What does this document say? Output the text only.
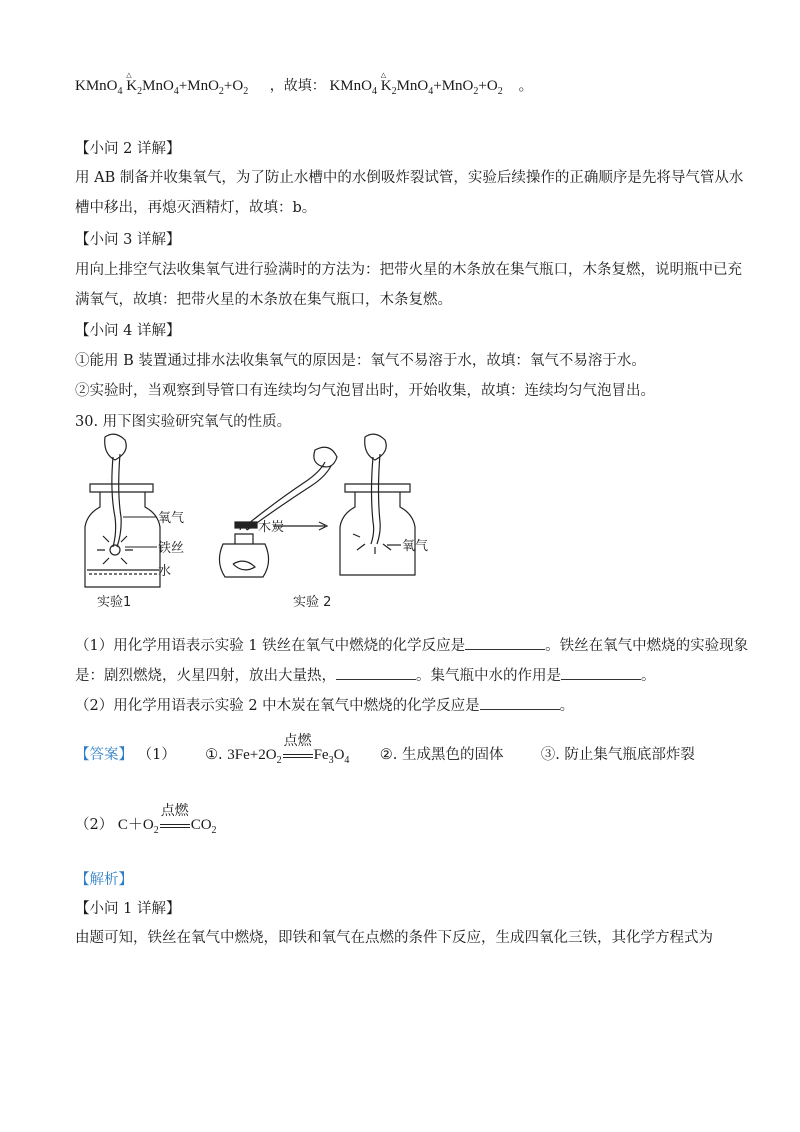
KMnO$_4$ $K_2MnO_4+MnO_2+O_2$ ，故填： KMnO$_4$ $K_2MnO_4+MnO_2+O_2$ 。
【小问 2 详解】
用 AB 制备并收集氧气，为了防止水槽中的水倒吸炸裂试管，实验后续操作的正确顺序是先将导气管从水
槽中移出，再熄灭酒精灯，故填：b。
【小问 3 详解】
用向上排空气法收集氧气进行验满时的方法为：把带火星的木条放在集气瓶口，木条复燃，说明瓶中已充
满氧气，故填：把带火星的木条放在集气瓶口，木条复燃。
【小问 4 详解】
①能用 B 装置通过排水法收集氧气的原因是：氧气不易溶于水，故填：氧气不易溶于水。
②实验时，当观察到导管口有连续均匀气泡冒出时，开始收集，故填：连续均匀气泡冒出。
30. 用下图实验研究氧气的性质。
氧气
铁丝
水
实验1
木炭
实验 2
氧气
（1）用化学用语表示实验 1 铁丝在氧气中燃烧的化学反应是	。铁丝在氧气中燃烧的实验现象
是：剧烈燃烧，火星四射，放出大量热，	。集气瓶中水的作用是	。
（2）用化学用语表示实验 2 中木炭在氧气中燃烧的化学反应是	。
【答案】 （1） ①. $3Fe+2O_2$
点燃
$Fe_3O_4$ ②. 生成黑色的固体	③. 防止集气瓶底部炸裂
（2） $C+O_2$
点燃
$CO_2$
【解析】
【小问 1 详解】
由题可知，铁丝在氧气中燃烧，即铁和氧气在点燃的条件下反应，生成四氧化三铁，其化学方程式为
